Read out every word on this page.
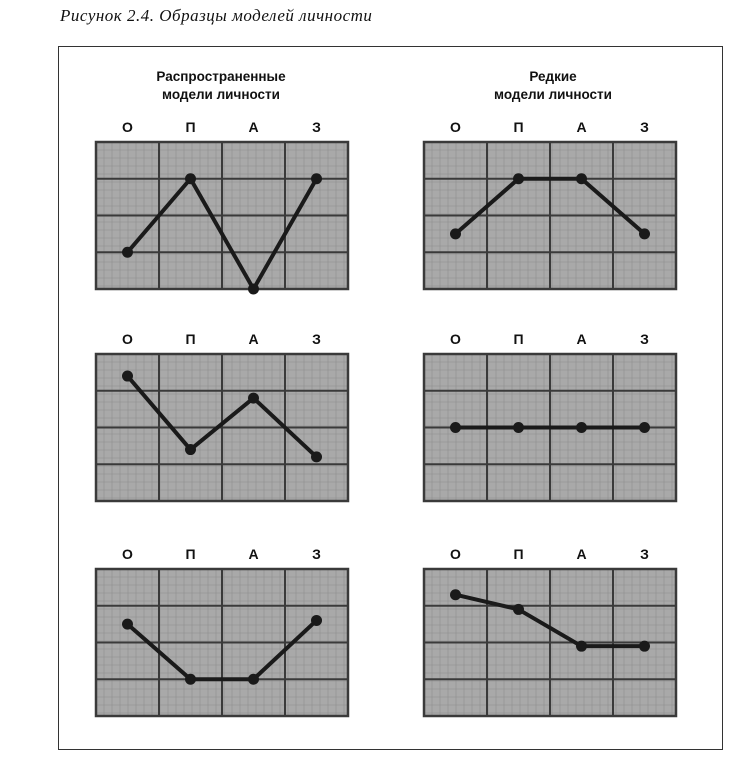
Рисунок 2.4. Образцы моделей личности
Распространенные
модели личности
Редкие
модели личности
О	П	А	З
О	П	А	З
О	П	А	З
О	П	А	З
О	П	А	З
О	П	А	З
